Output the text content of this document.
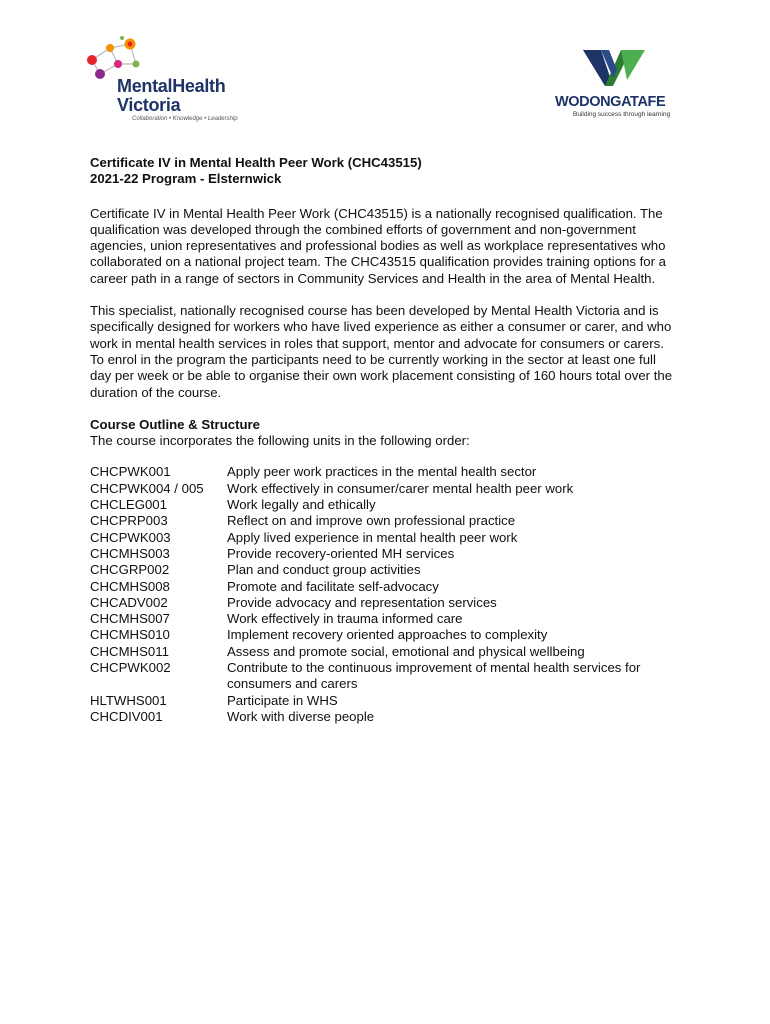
MentalHealth
Victoria
Collaboration • Knowledge • Leadership
WODONGATAFE
Building success through learning

Certificate IV in Mental Health Peer Work (CHC43515)

2021-22 Program - Elsternwick

Certificate IV in Mental Health Peer Work (CHC43515) is a nationally recognised qualification. The qualification was developed through the combined efforts of government and non-government agencies, union representatives and professional bodies as well as workplace representatives who collaborated on a national project team. The CHC43515 qualification provides training options for a career path in a range of sectors in Community Services and Health in the area of Mental Health.

This specialist, nationally recognised course has been developed by Mental Health Victoria and is specifically designed for workers who have lived experience as either a consumer or carer, and who work in mental health services in roles that support, mentor and advocate for consumers or carers. To enrol in the program the participants need to be currently working in the sector at least one full day per week or be able to organise their own work placement consisting of 160 hours total over the duration of the course.

Course Outline & Structure

The course incorporates the following units in the following order:

CHCPWK001	Apply peer work practices in the mental health sector
CHCPWK004 / 005	Work effectively in consumer/carer mental health peer work
CHCLEG001	Work legally and ethically
CHCPRP003	Reflect on and improve own professional practice
CHCPWK003	Apply lived experience in mental health peer work
CHCMHS003	Provide recovery-oriented MH services
CHCGRP002	Plan and conduct group activities
CHCMHS008	Promote and facilitate self-advocacy
CHCADV002	Provide advocacy and representation services
CHCMHS007	Work effectively in trauma informed care
CHCMHS010	Implement recovery oriented approaches to complexity
CHCMHS011	Assess and promote social, emotional and physical wellbeing
CHCPWK002	Contribute to the continuous improvement of mental health services for consumers and carers
HLTWHS001	Participate in WHS
CHCDIV001	Work with diverse people
